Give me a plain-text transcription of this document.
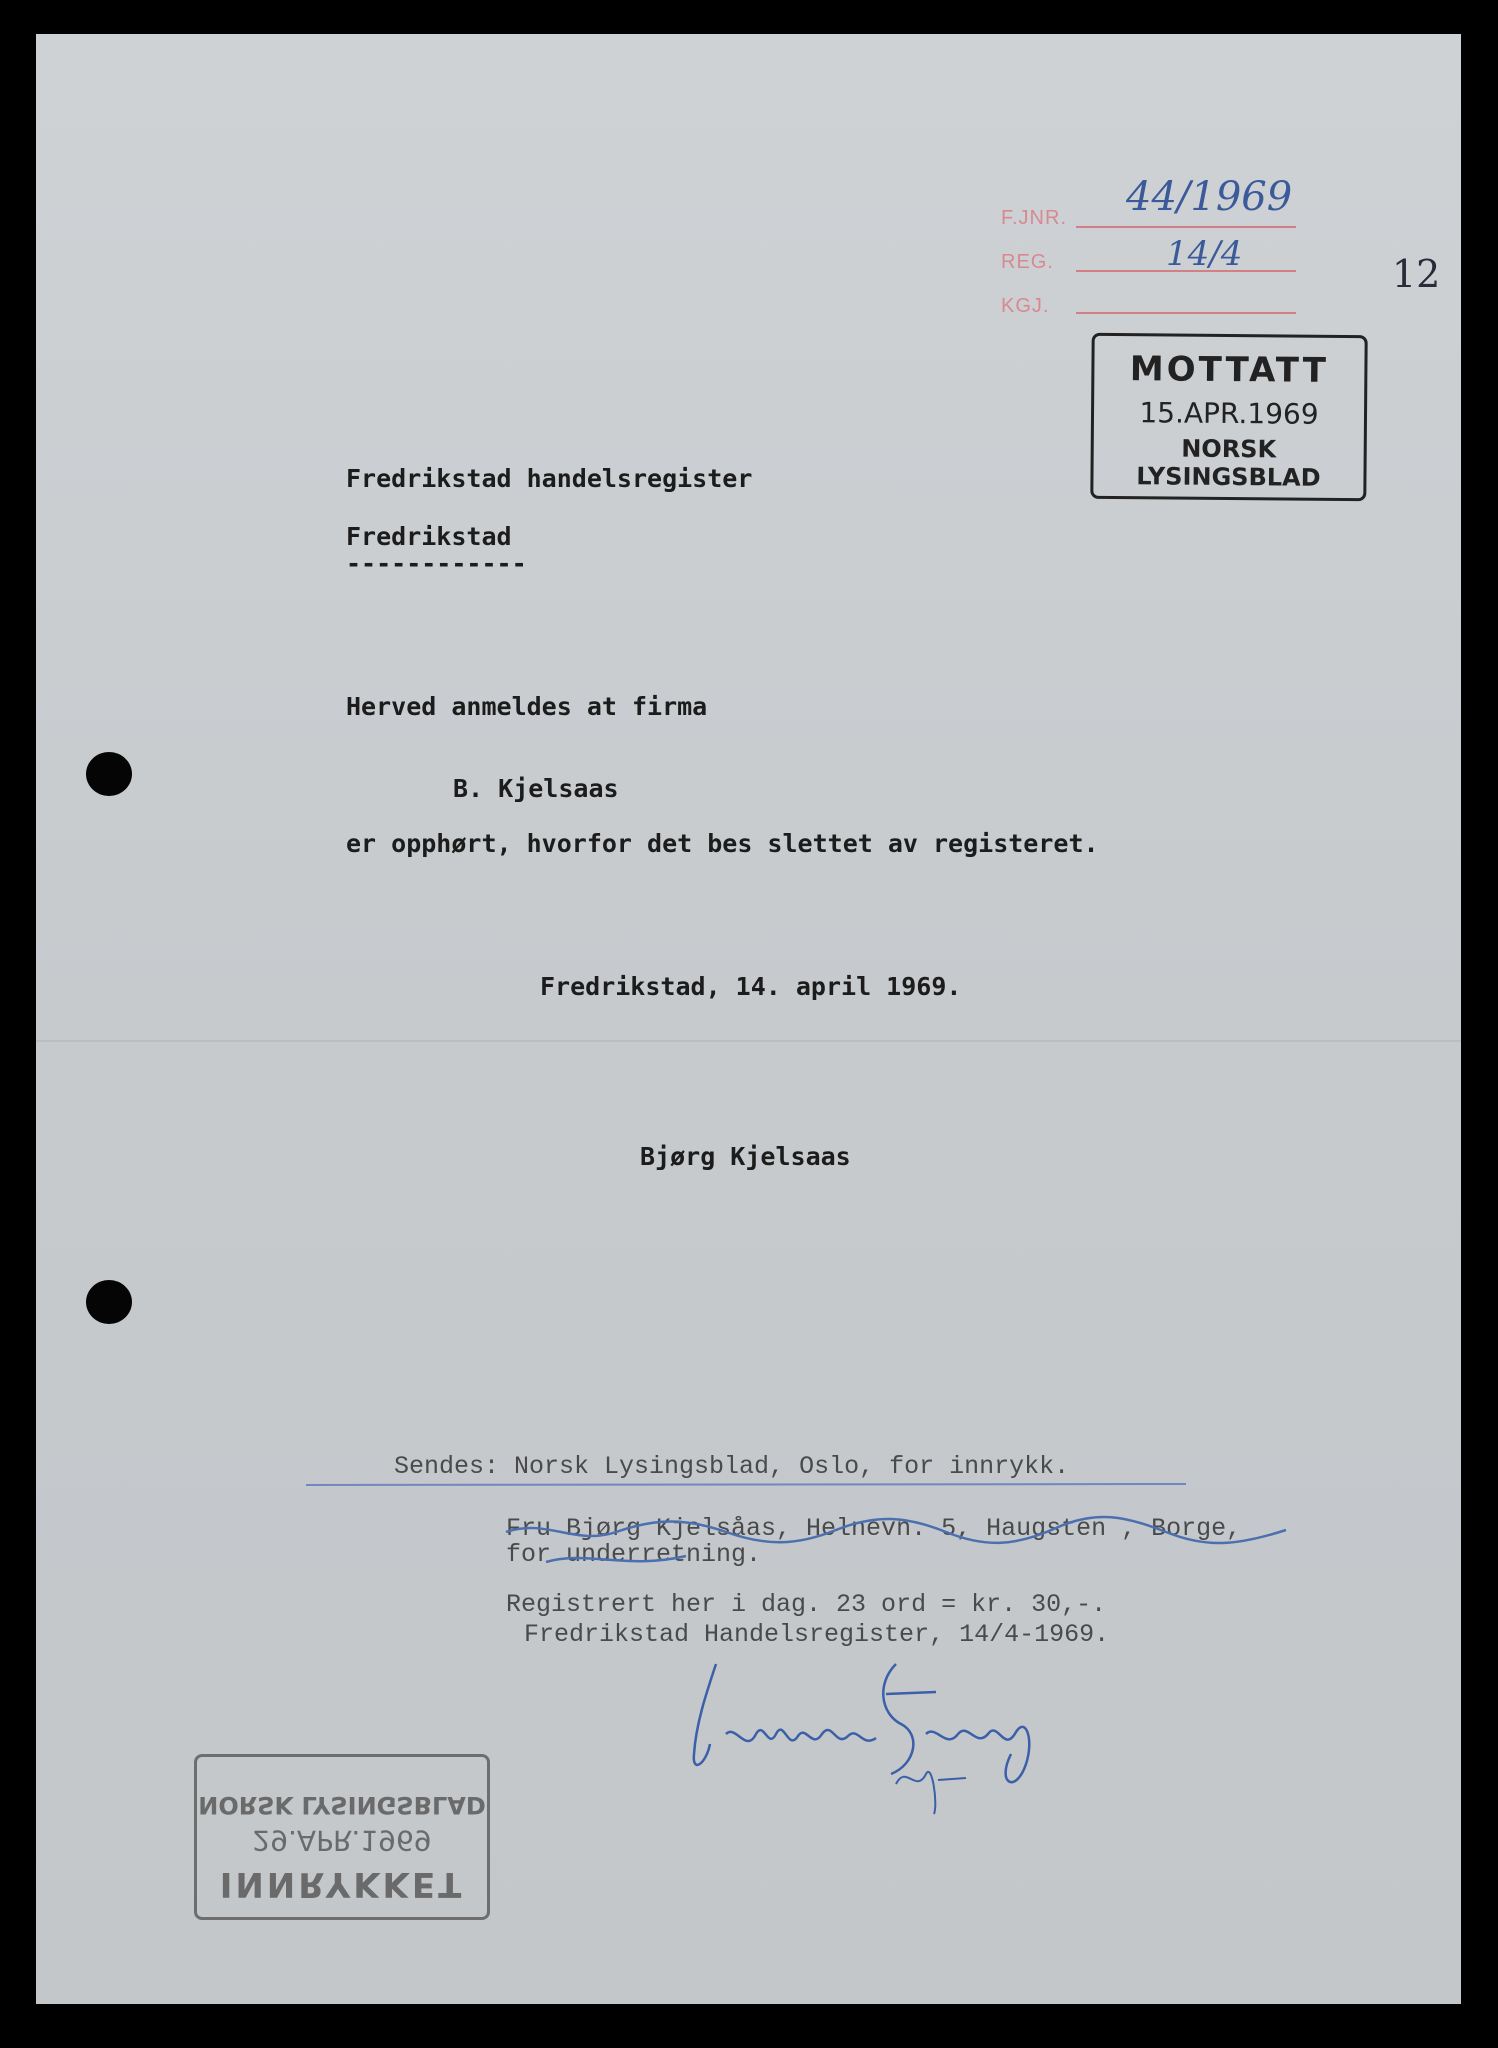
F.JNR. 44/1969
REG.	14/4
KGJ.
12
MOTTATT
15.APR.1969
NORSK LYSINGSBLAD
Fredrikstad handelsregister
Fredrikstad
------------
Herved anmeldes at firma
B. Kjelsaas
er opphørt, hvorfor det bes slettet av registeret.
Fredrikstad, 14. april 1969.
Bjørg Kjelsaas
Sendes: Norsk Lysingsblad, Oslo, for innrykk.
Fru Bjørg Kjelsåas, Helnevn. 5, Haugsten , Borge,
for underretning.
Registrert her i dag. 23 ord = kr. 30,-.
Fredrikstad Handelsregister, 14/4-1969.
INNRYKKET
29.APR.1969
NORSK LYSINGSBLAD
